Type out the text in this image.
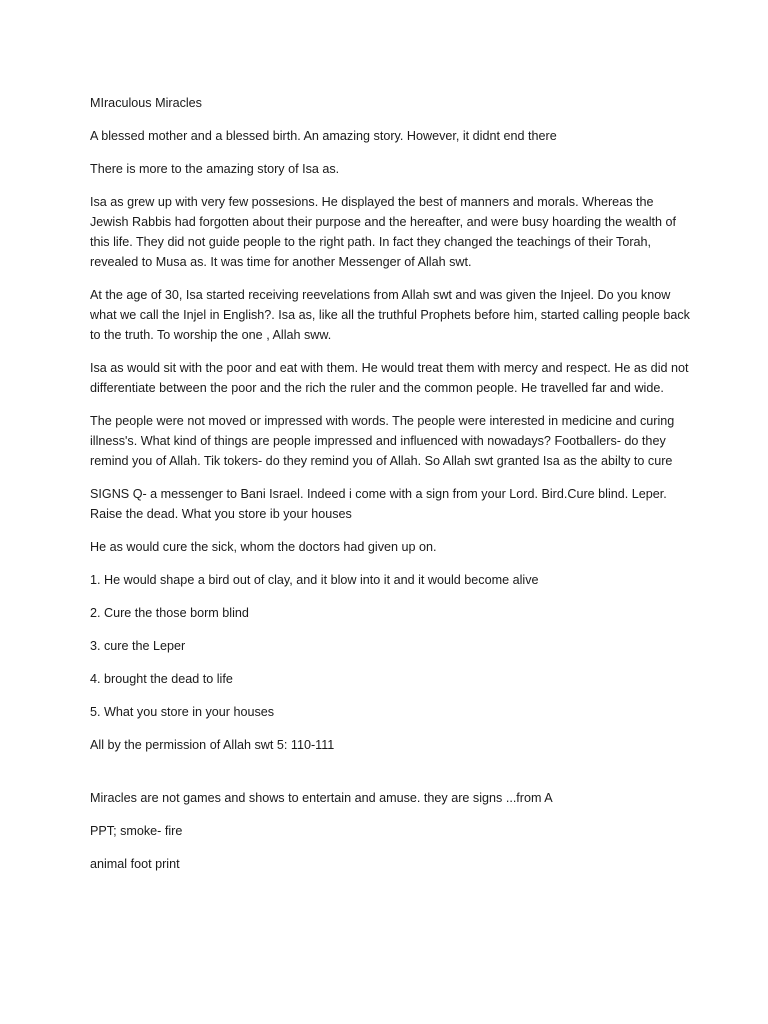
MIraculous Miracles

A blessed mother and a blessed birth. An amazing story. However, it didnt end there

There is more to the amazing story of Isa as.

Isa as grew up with very few possesions. He displayed the best of manners and morals. Whereas the Jewish Rabbis had forgotten about their purpose and the hereafter, and were busy hoarding the wealth of this life. They did not guide people to the right path. In fact they changed the teachings of their Torah, revealed to Musa as. It was time for another Messenger of Allah swt.

At the age of 30, Isa started receiving reevelations from Allah swt and was given the Injeel. Do you know what we call the Injel in English?. Isa as, like all the truthful Prophets before him, started calling people back to the truth. To worship the one , Allah sww.

Isa as would sit with the poor and eat with them. He would treat them with mercy and respect. He as did not differentiate between the poor and the rich the ruler and the common people. He travelled far and wide.

The people were not moved or impressed with words. The people were interested in medicine and curing illness's. What kind of things are people impressed and influenced with nowadays? Footballers- do they remind you of Allah. Tik tokers- do they remind you of Allah. So Allah swt granted Isa as the abilty to cure

SIGNS Q- a messenger to Bani Israel. Indeed i come with a sign from your Lord. Bird.Cure blind. Leper. Raise the dead. What you store ib your houses

He as would cure the sick, whom the doctors had given up on.

1. He would shape a bird out of clay, and it blow into it and it would become alive

2. Cure the those borm blind

3. cure the Leper

4. brought the dead to life

5. What you store in your houses

All by the permission of Allah swt 5: 110-111

Miracles are not games and shows to entertain and amuse. they are signs ...from A

PPT; smoke- fire

animal foot print
